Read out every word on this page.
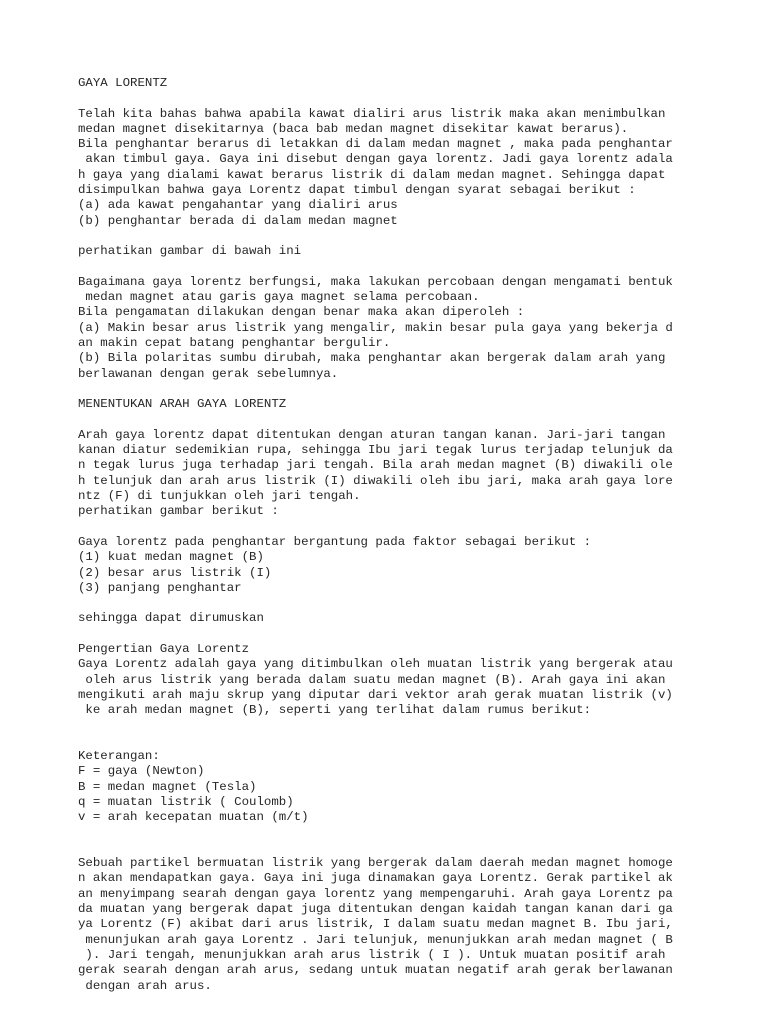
GAYA LORENTZ
Telah kita bahas bahwa apabila kawat dialiri arus listrik maka akan menimbulkan
medan magnet disekitarnya (baca bab medan magnet disekitar kawat berarus).
Bila penghantar berarus di letakkan di dalam medan magnet , maka pada penghantar
akan timbul gaya. Gaya ini disebut dengan gaya lorentz. Jadi gaya lorentz adala
h gaya yang dialami kawat berarus listrik di dalam medan magnet. Sehingga dapat
disimpulkan bahwa gaya Lorentz dapat timbul dengan syarat sebagai berikut :
(a) ada kawat pengahantar yang dialiri arus
(b) penghantar berada di dalam medan magnet
perhatikan gambar di bawah ini
Bagaimana gaya lorentz berfungsi, maka lakukan percobaan dengan mengamati bentuk
medan magnet atau garis gaya magnet selama percobaan.
Bila pengamatan dilakukan dengan benar maka akan diperoleh :
(a) Makin besar arus listrik yang mengalir, makin besar pula gaya yang bekerja d
an makin cepat batang penghantar bergulir.
(b) Bila polaritas sumbu dirubah, maka penghantar akan bergerak dalam arah yang
berlawanan dengan gerak sebelumnya.
MENENTUKAN ARAH GAYA LORENTZ
Arah gaya lorentz dapat ditentukan dengan aturan tangan kanan. Jari-jari tangan
kanan diatur sedemikian rupa, sehingga Ibu jari tegak lurus terjadap telunjuk da
n tegak lurus juga terhadap jari tengah. Bila arah medan magnet (B) diwakili ole
h telunjuk dan arah arus listrik (I) diwakili oleh ibu jari, maka arah gaya lore
ntz (F) di tunjukkan oleh jari tengah.
perhatikan gambar berikut :
Gaya lorentz pada penghantar bergantung pada faktor sebagai berikut :
(1) kuat medan magnet (B)
(2) besar arus listrik (I)
(3) panjang penghantar
sehingga dapat dirumuskan
Pengertian Gaya Lorentz
Gaya Lorentz adalah gaya yang ditimbulkan oleh muatan listrik yang bergerak atau
oleh arus listrik yang berada dalam suatu medan magnet (B). Arah gaya ini akan
mengikuti arah maju skrup yang diputar dari vektor arah gerak muatan listrik (v)
ke arah medan magnet (B), seperti yang terlihat dalam rumus berikut:
Keterangan:
F = gaya (Newton)
B = medan magnet (Tesla)
q = muatan listrik ( Coulomb)
v = arah kecepatan muatan (m/t)
Sebuah partikel bermuatan listrik yang bergerak dalam daerah medan magnet homoge
n akan mendapatkan gaya. Gaya ini juga dinamakan gaya Lorentz. Gerak partikel ak
an menyimpang searah dengan gaya lorentz yang mempengaruhi. Arah gaya Lorentz pa
da muatan yang bergerak dapat juga ditentukan dengan kaidah tangan kanan dari ga
ya Lorentz (F) akibat dari arus listrik, I dalam suatu medan magnet B. Ibu jari,
menunjukan arah gaya Lorentz . Jari telunjuk, menunjukkan arah medan magnet ( B
). Jari tengah, menunjukkan arah arus listrik ( I ). Untuk muatan positif arah
gerak searah dengan arah arus, sedang untuk muatan negatif arah gerak berlawanan
dengan arah arus.
